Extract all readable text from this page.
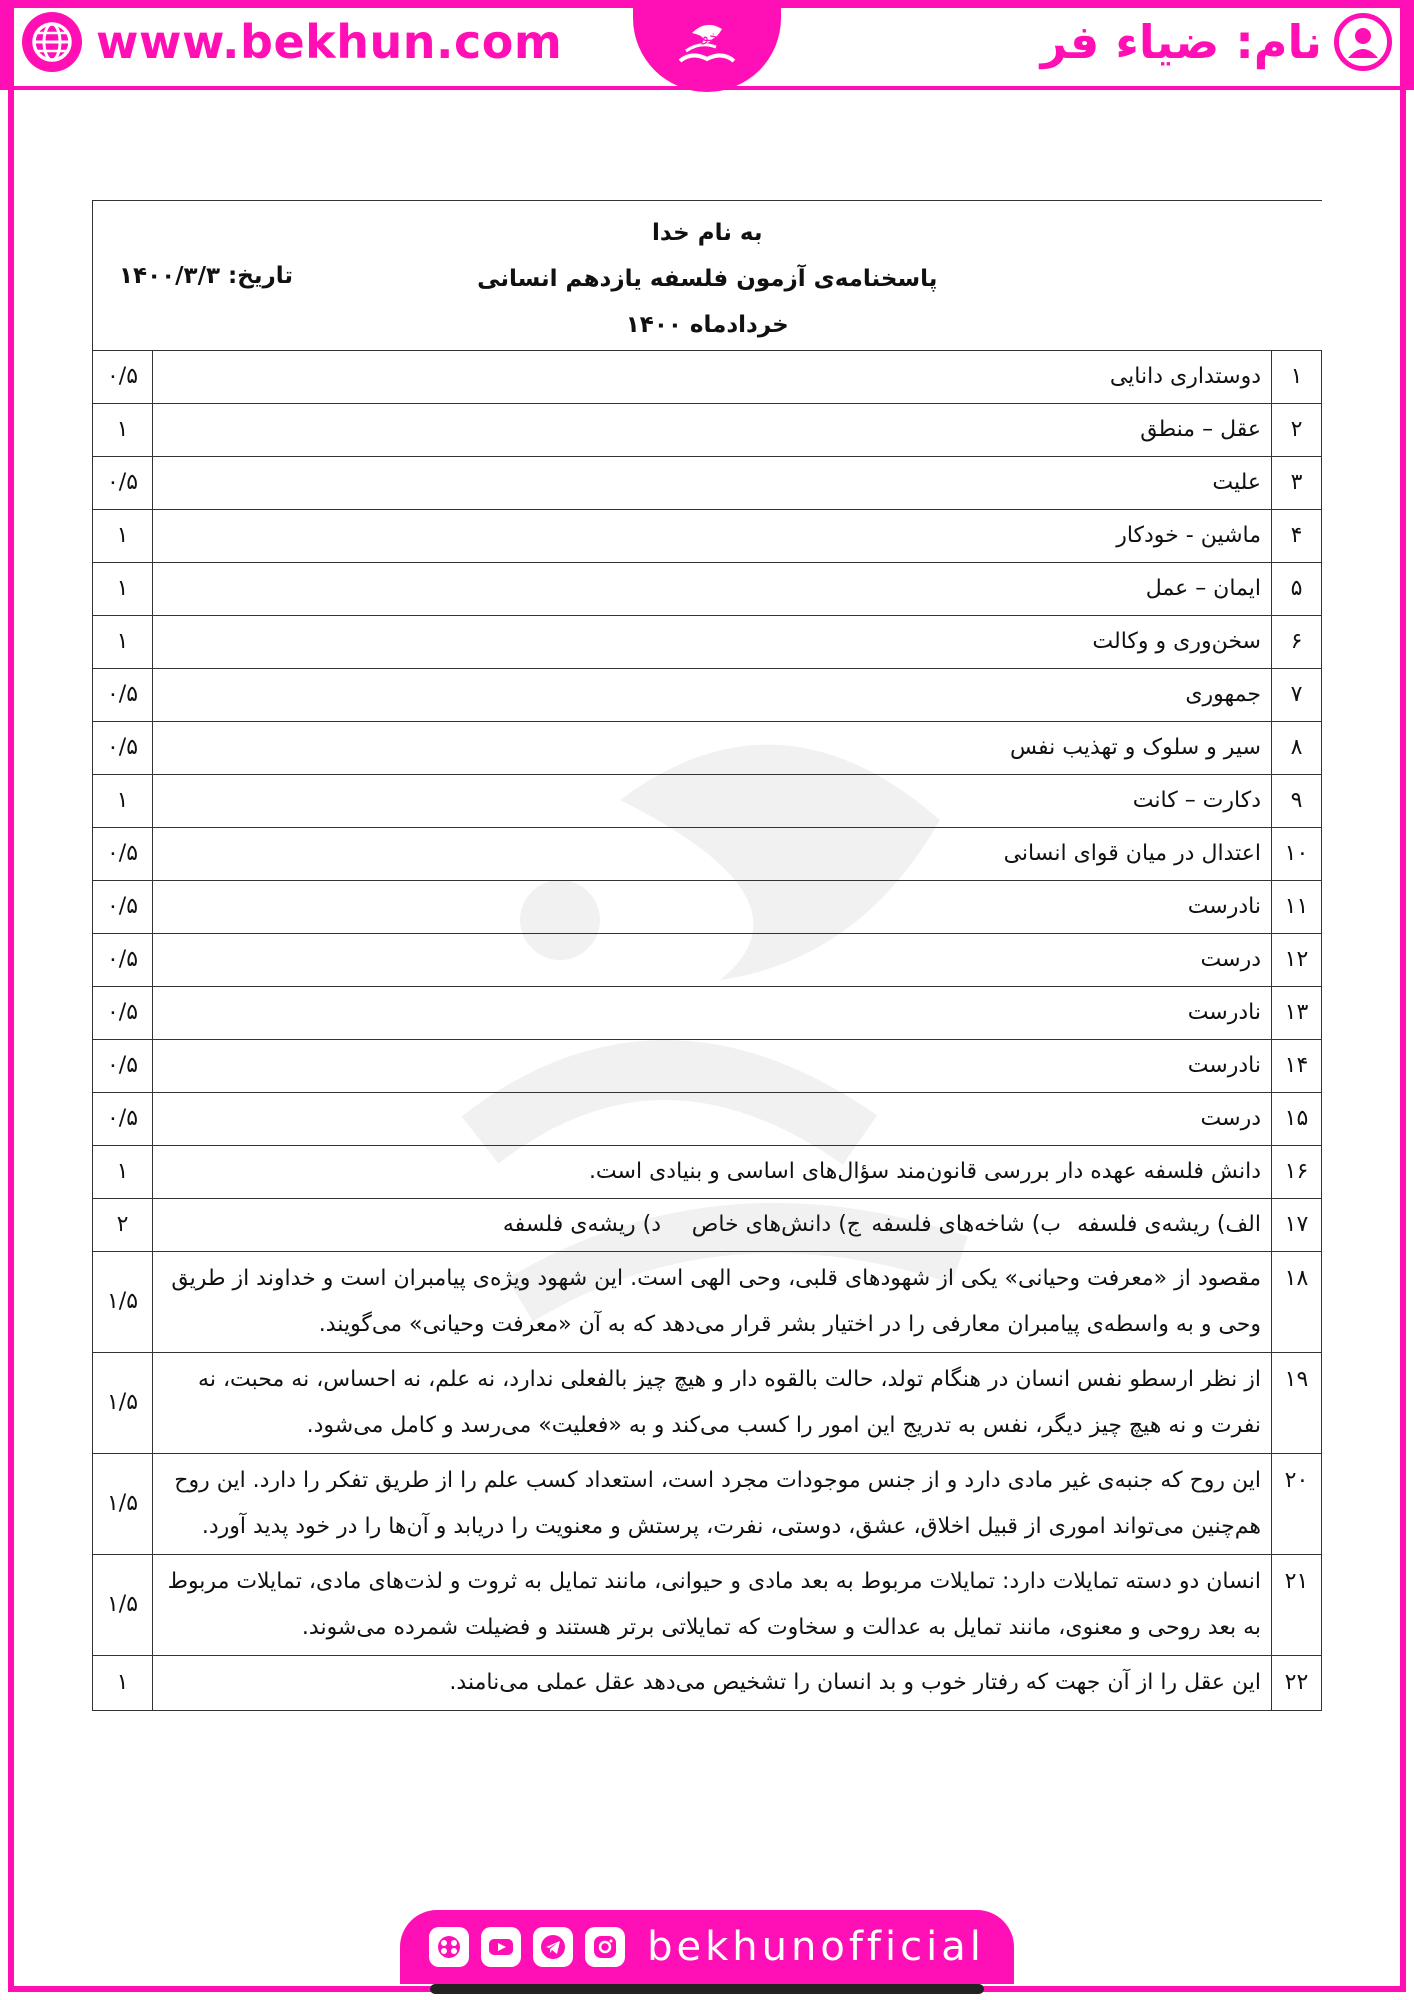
www.bekhun.com	بخون	نام: ضیاء فر
به نام خدا
پاسخنامه‌ی آزمون فلسفه یازدهم انسانی
خردادماه ۱۴۰۰
تاریخ: ۱۴۰۰/۳/۳		

۱	دوستداری دانایی	۰/۵
۲	عقل – منطق	۱
۳	علیت	۰/۵
۴	ماشین - خودکار	۱
۵	ایمان – عمل	۱
۶	سخن‌وری و وکالت	۱
۷	جمهوری	۰/۵
۸	سیر و سلوک و تهذیب نفس	۰/۵
۹	دکارت – کانت	۱
۱۰	اعتدال در میان قوای انسانی	۰/۵
۱۱	نادرست	۰/۵
۱۲	درست	۰/۵
۱۳	نادرست	۰/۵
۱۴	نادرست	۰/۵
۱۵	درست	۰/۵
۱۶	دانش فلسفه عهده دار بررسی قانون‌مند سؤال‌های اساسی و بنیادی است.	۱
۱۷	الف) ریشه‌ی فلسفه
ب) شاخه‌های فلسفه
ج) دانش‌های خاص
د) ریشه‌ی فلسفه	۲
۱۸	مقصود از «معرفت وحیانی» یکی از شهودهای قلبی، وحی الهی است. این شهود ویژه‌ی پیامبران است و خداوند از طریق وحی و به واسطه‌ی پیامبران معارفی را در اختیار بشر قرار می‌دهد که به آن «معرفت وحیانی» می‌گویند.	۱/۵
۱۹	از نظر ارسطو نفس انسان در هنگام تولد، حالت بالقوه دار و هیچ چیز بالفعلی ندارد، نه علم، نه احساس، نه محبت، نه نفرت و نه هیچ چیز دیگر، نفس به تدریج این امور را کسب می‌کند و به «فعلیت» می‌رسد و کامل می‌شود.	۱/۵
۲۰	این روح که جنبه‌ی غیر مادی دارد و از جنس موجودات مجرد است، استعداد کسب علم را از طریق تفکر را دارد. این روح هم‌چنین می‌تواند اموری از قبیل اخلاق، عشق، دوستی، نفرت، پرستش و معنویت را دریابد و آن‌ها را در خود پدید آورد.	۱/۵
۲۱	انسان دو دسته تمایلات دارد: تمایلات مربوط به بعد مادی و حیوانی، مانند تمایل به ثروت و لذت‌های مادی، تمایلات مربوط به بعد روحی و معنوی، مانند تمایل به عدالت و سخاوت که تمایلاتی برتر هستند و فضیلت شمرده می‌شوند.	۱/۵
۲۲	این عقل را از آن جهت که رفتار خوب و بد انسان را تشخیص می‌دهد عقل عملی می‌نامند.	۱
bekhunofficial
